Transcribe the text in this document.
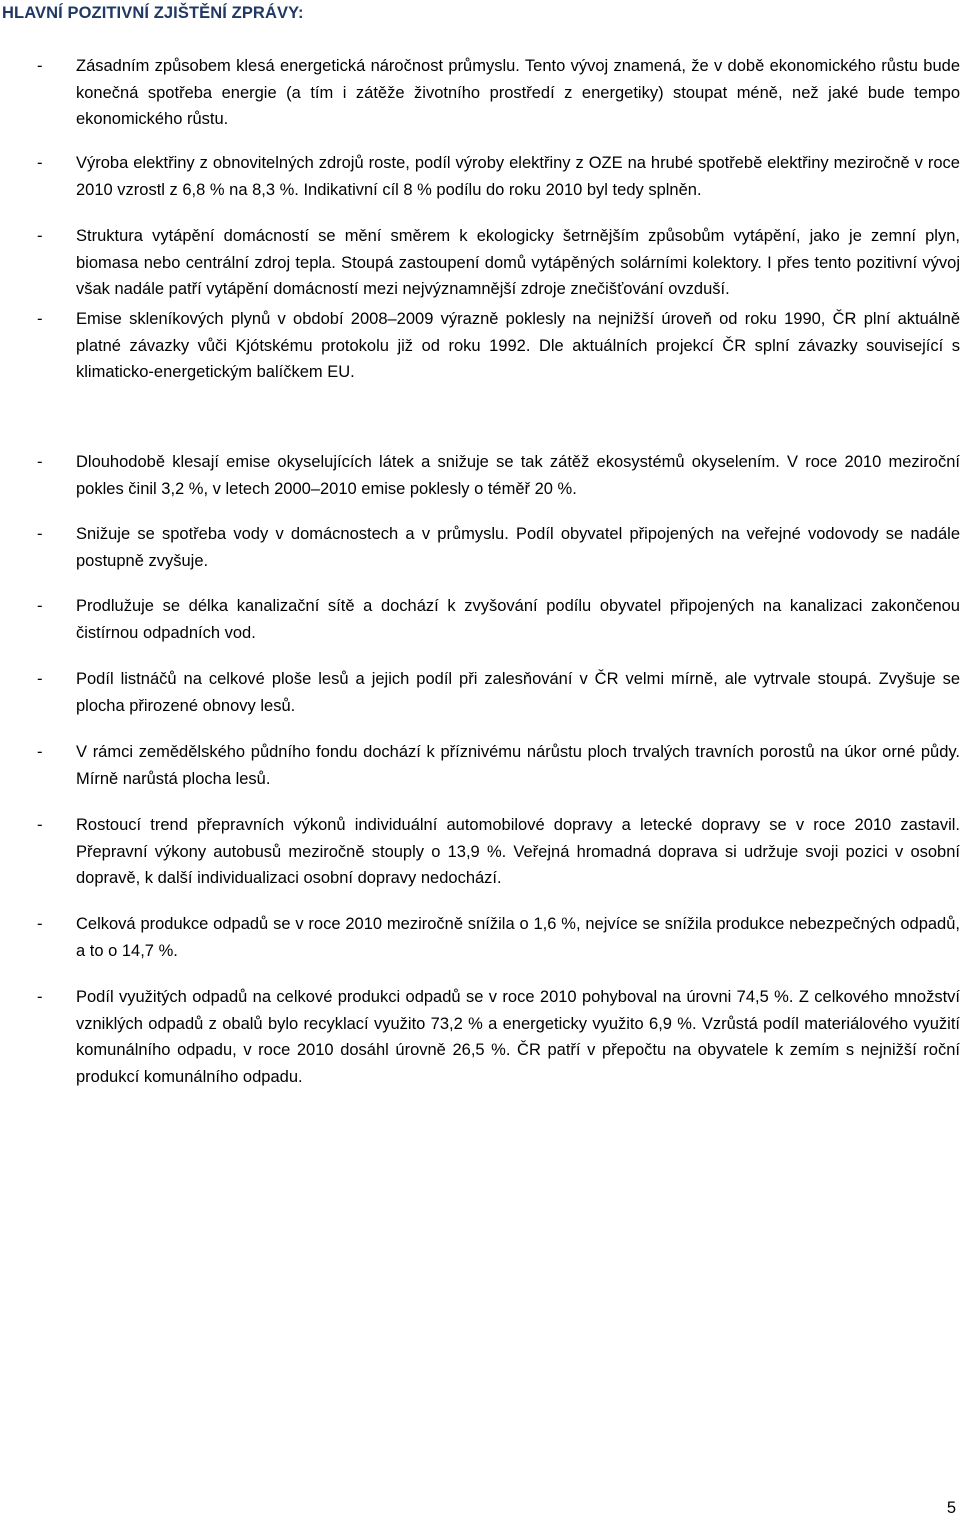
HLAVNÍ POZITIVNÍ ZJIŠTĚNÍ ZPRÁVY:
-	Zásadním způsobem klesá energetická náročnost průmyslu. Tento vývoj znamená, že v době ekonomického růstu bude konečná spotřeba energie (a tím i zátěže životního prostředí z energetiky) stoupat méně, než jaké bude tempo ekonomického růstu.
-	Výroba elektřiny z obnovitelných zdrojů roste, podíl výroby elektřiny z OZE na hrubé spotřebě elektřiny meziročně v roce 2010 vzrostl z 6,8 % na 8,3 %. Indikativní cíl 8 % podílu do roku 2010 byl tedy splněn.
-	Struktura vytápění domácností se mění směrem k ekologicky šetrnějším způsobům vytápění, jako je zemní plyn, biomasa nebo centrální zdroj tepla. Stoupá zastoupení domů vytápěných solárními kolektory. I přes tento pozitivní vývoj však nadále patří vytápění domácností mezi nejvýznamnější zdroje znečišťování ovzduší.
-	Emise skleníkových plynů v období 2008–2009 výrazně poklesly na nejnižší úroveň od roku 1990, ČR plní aktuálně platné závazky vůči Kjótskému protokolu již od roku 1992. Dle aktuálních projekcí ČR splní závazky související s klimaticko-energetickým balíčkem EU.
-	Dlouhodobě klesají emise okyselujících látek a snižuje se tak zátěž ekosystémů okyselením. V roce 2010 meziroční pokles činil 3,2 %, v letech 2000–2010 emise poklesly o téměř 20 %.
-	Snižuje se spotřeba vody v domácnostech a v průmyslu. Podíl obyvatel připojených na veřejné vodovody se nadále postupně zvyšuje.
-	Prodlužuje se délka kanalizační sítě a dochází k zvyšování podílu obyvatel připojených na kanalizaci zakončenou čistírnou odpadních vod.
-	Podíl listnáčů na celkové ploše lesů a jejich podíl při zalesňování v ČR velmi mírně, ale vytrvale stoupá. Zvyšuje se plocha přirozené obnovy lesů.
-	V rámci zemědělského půdního fondu dochází k příznivému nárůstu ploch trvalých travních porostů na úkor orné půdy. Mírně narůstá plocha lesů.
-	Rostoucí trend přepravních výkonů individuální automobilové dopravy a letecké dopravy se v roce 2010 zastavil. Přepravní výkony autobusů meziročně stouply o 13,9 %. Veřejná hromadná doprava si udržuje svoji pozici v osobní dopravě, k další individualizaci osobní dopravy nedochází.
-	Celková produkce odpadů se v roce 2010 meziročně snížila o 1,6 %, nejvíce se snížila produkce nebezpečných odpadů, a to o 14,7 %.
-	Podíl využitých odpadů na celkové produkci odpadů se v roce 2010 pohyboval na úrovni 74,5 %. Z celkového množství vzniklých odpadů z obalů bylo recyklací využito 73,2 % a energeticky využito 6,9 %. Vzrůstá podíl materiálového využití komunálního odpadu, v roce 2010 dosáhl úrovně 26,5 %. ČR patří v přepočtu na obyvatele k zemím s nejnižší roční produkcí komunálního odpadu.
5
